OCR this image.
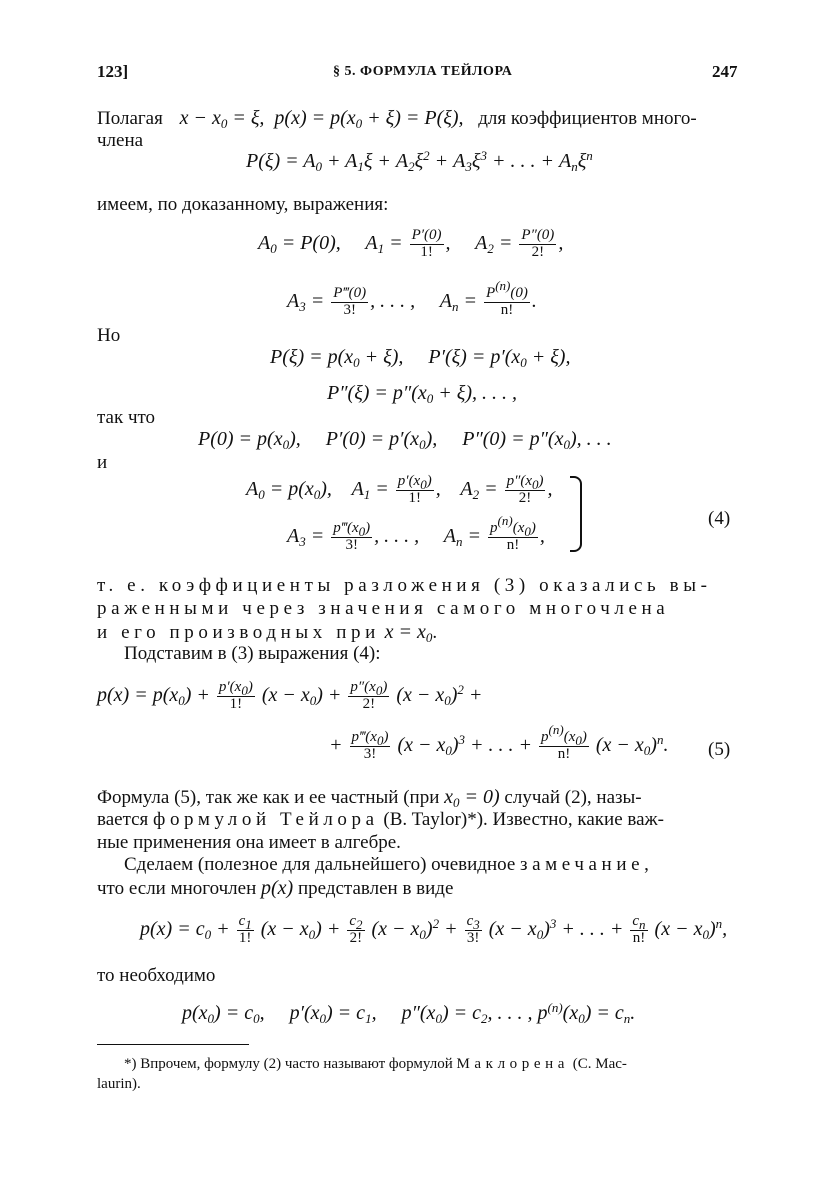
123]	§ 5. ФОРМУЛА ТЕЙЛОРА	247
Полагая $x - x_0 = \xi$,  $p(x) = p(x_0 + \xi) = P(\xi)$, для коэффициентов много-
члена
$P(\xi) = A_0 + A_1\xi + A_2\xi^2 + A_3\xi^3$ + . . . + $A_n\xi^n$
имеем, по доказанному, выражения:
$A_0 = P(0)$,     $A_1 = \frac{P'(0)}{1!}$ ,     $A_2 = \frac{P''(0)}{2!}$ ,
$A_3 = \frac{P‴(0)}{3!}$ , . . . ,     $A_n = \frac{P^{(n)}(0)}{n!}$ .
Но
$P(\xi) = p(x_0 + \xi)$,     $P'(\xi) = p'(x_0 + \xi)$,
$P''(\xi) = p''(x_0 + \xi)$, . . . ,
так что
$P(0) = p(x_0)$,     $P'(0) = p'(x_0)$,     $P''(0) = p''(x_0)$, . . .
и
$A_0 = p(x_0)$,    $A_1 = \frac{p'(x_0)}{1!}$ ,    $A_2 = \frac{p''(x_0)}{2!}$ ,
$A_3 = \frac{p‴(x_0)}{3!}$ , . . . ,     $A_n = \frac{p^{(n)}(x_0)}{n!}$ ,
(4)
т. е. коэффициенты разложения (3) оказались вы-
раженными через значения самого многочлена
и его производных при $x = x_0$.
Подставим в (3) выражения (4):
$p(x) = p(x_0) + \frac{p'(x_0)}{1!} (x - x_0) + \frac{p''(x_0)}{2!} (x - x_0)^2$ +
+ $\frac{p‴(x_0)}{3!} (x - x_0)^3$ + . . . + $\frac{p^{(n)}(x_0)}{n!} (x - x_0)^n$. (5)
Формула (5), так же как и ее частный (при $x_0 = 0$) случай (2), назы-
вается формулой Тейлора (B. Taylor)*). Известно, какие важ-
ные применения она имеет в алгебре.
Сделаем (полезное для дальнейшего) очевидное замечание,
что если многочлен p(x) представлен в виде
$p(x) = c_0 + \frac{c_1}{1!} (x - x_0) + \frac{c_2}{2!} (x - x_0)^2 + \frac{c_3}{3!} (x - x_0)^3$ + . . . + $\frac{c_n}{n!} (x - x_0)^n$,
то необходимо
$p(x_0) = c_0$,     $p'(x_0) = c_1$,     $p''(x_0) = c_2$, . . . , $p^{(n)}(x_0) = c_n$.
*) Впрочем, формулу (2) часто называют формулой Маклорена (C. Mac-
laurin).
